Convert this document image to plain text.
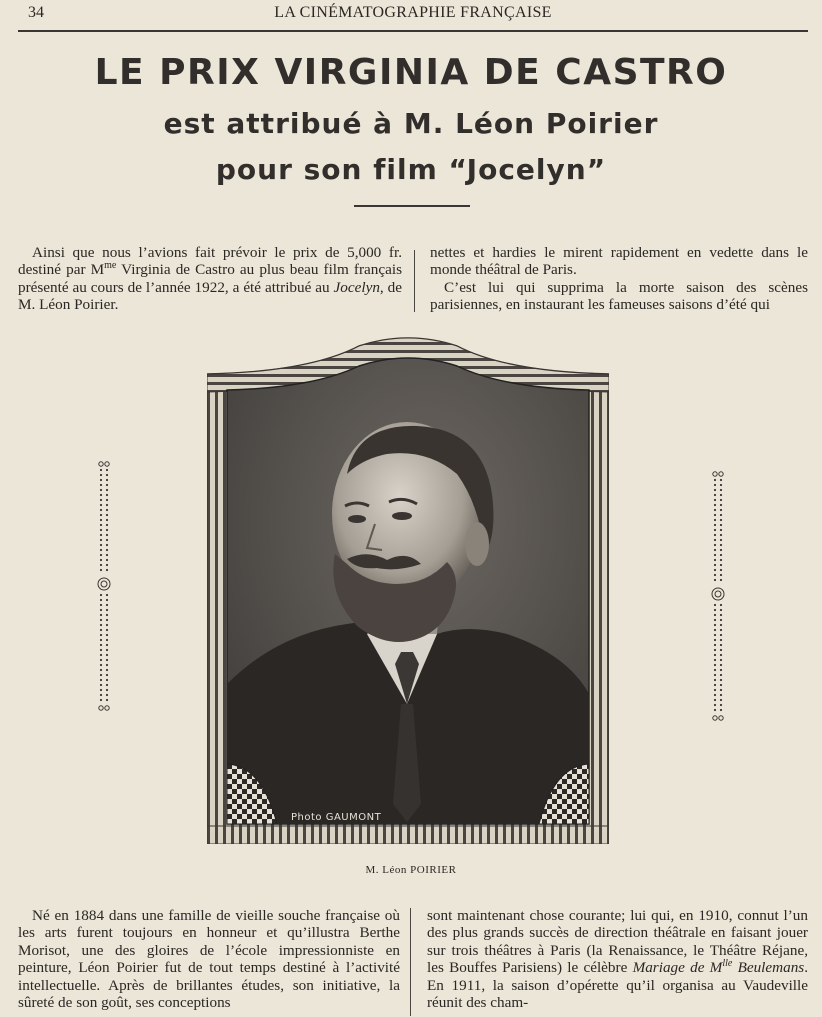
34	LA CINÉMATOGRAPHIE FRANÇAISE
LE PRIX VIRGINIA DE CASTRO
est attribué à M. Léon Poirier
pour son film “Jocelyn”

Ainsi que nous l’avions fait prévoir le prix de 5,000 fr. destiné par $M^{me}$ Virginia de Castro au plus beau film français présenté au cours de l’année 1922, a été attribué au Jocelyn, de M. Léon Poirier.

nettes et hardies le mirent rapidement en vedette dans le monde théâtral de Paris.

C’est lui qui supprima la morte saison des scènes parisiennes, en instaurant les fameuses saisons d’été qui

Photo GAUMONT
M. Léon POIRIER

Né en 1884 dans une famille de vieille souche française où les arts furent toujours en honneur et qu’illustra Berthe Morisot, une des gloires de l’école impressionniste en peinture, Léon Poirier fut de tout temps destiné à l’activité intellectuelle. Après de brillantes études, son initiative, la sûreté de son goût, ses conceptions

sont maintenant chose courante; lui qui, en 1910, connut l’un des plus grands succès de direction théâtrale en faisant jouer sur trois théâtres à Paris (la Renaissance, le Théâtre Réjane, les Bouffes Parisiens) le célèbre Mariage de $M^{lle}$ Beulemans. En 1911, la saison d’opérette qu’il organisa au Vaudeville réunit des cham-
